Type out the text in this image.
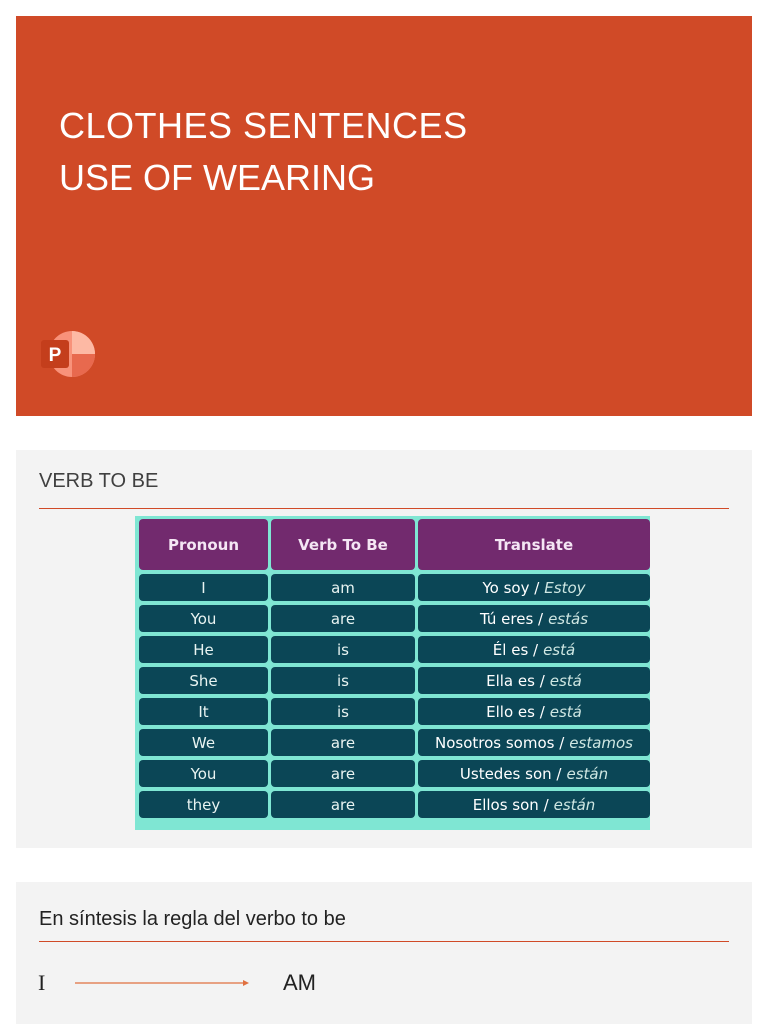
CLOTHES SENTENCES
USE OF WEARING
P
VERB TO BE
Pronoun	Verb To Be	Translate
I	am	Yo soy / Estoy
You	are	Tú eres / estás
He	is	Él es / está
She	is	Ella es / está
It	is	Ello es / está
We	are	Nosotros somos / estamos
You	are	Ustedes son / están
they	are	Ellos son / están
En síntesis la regla del verbo to be
I	AM
